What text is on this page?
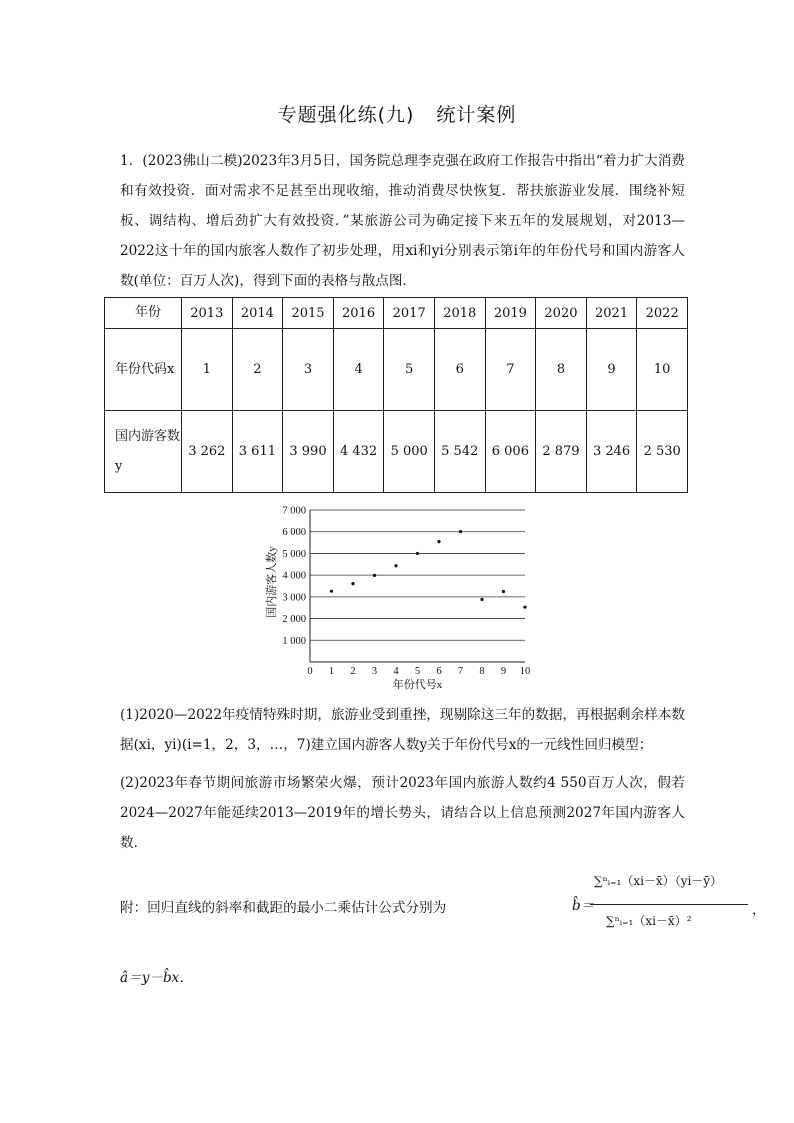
专题强化练(九) 统计案例
1．(2023佛山二模)2023年3月5日，国务院总理李克强在政府工作报告中指出“着力扩大消费和有效投资．面对需求不足甚至出现收缩，推动消费尽快恢复．帮扶旅游业发展．围绕补短板、调结构、增后劲扩大有效投资．”某旅游公司为确定接下来五年的发展规划，对2013—2022这十年的国内旅客人数作了初步处理，用xi和yi分别表示第i年的年份代号和国内游客人数(单位：百万人次)，得到下面的表格与散点图．
年份	2013	2014	2015	2016	2017	2018	2019	2020	2021	2022
年份代码x	1	2	3	4	5	6	7	8	9	10
国内游客数y	3 262	3 611	3 990	4 432	5 000	5 542	6 006	2 879	3 246	2 530
1 000
2 000
3 000
4 000
5 000
6 000
7 000
0 1 2 3 4 5 6 7 8 9 10
年份代号x
国内游客人数y
(1)2020—2022年疫情特殊时期，旅游业受到重挫，现剔除这三年的数据，再根据剩余样本数据(xi，yi)(i=1，2，3，…，7)建立国内游客人数y关于年份代号x的一元线性回归模型；
(2)2023年春节期间旅游市场繁荣火爆，预计2023年国内旅游人数约4 550百万人次，假若2024—2027年能延续2013—2019年的增长势头，请结合以上信息预测2027年国内游客人数．
附：回归直线的斜率和截距的最小二乘估计公式分别为	b̂＝
∑ⁿᵢ₌₁（xi－x̄）（yi－ȳ）
∑ⁿᵢ₌₁（xi－x̄）²
，
â＝y－b̂x．
